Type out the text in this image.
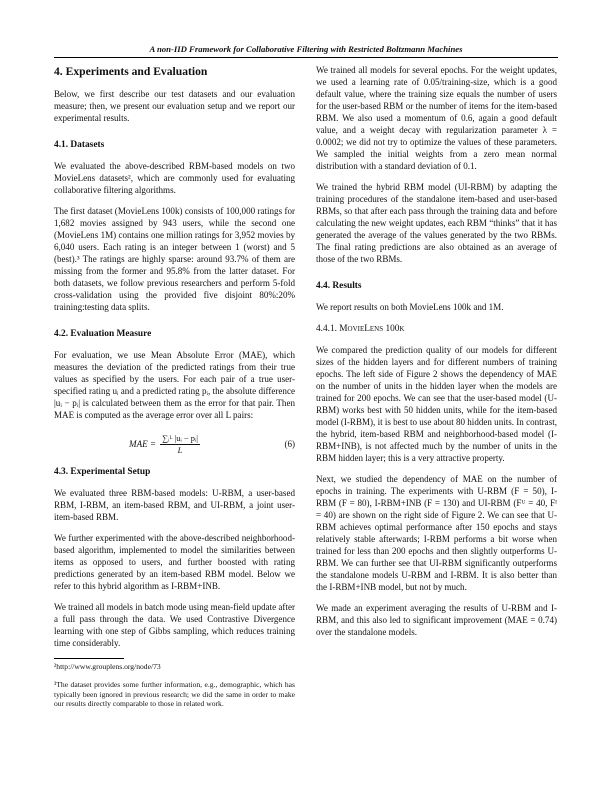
A non-IID Framework for Collaborative Filtering with Restricted Boltzmann Machines
4. Experiments and Evaluation

Below, we first describe our test datasets and our evaluation measure; then, we present our evaluation setup and we report our experimental results.

4.1. Datasets

We evaluated the above-described RBM-based models on two MovieLens datasets², which are commonly used for evaluating collaborative filtering algorithms.

The first dataset (MovieLens 100k) consists of 100,000 ratings for 1,682 movies assigned by 943 users, while the second one (MovieLens 1M) contains one million ratings for 3,952 movies by 6,040 users. Each rating is an integer between 1 (worst) and 5 (best).³ The ratings are highly sparse: around 93.7% of them are missing from the former and 95.8% from the latter dataset. For both datasets, we follow previous researchers and perform 5-fold cross-validation using the provided five disjoint 80%:20% training:testing data splits.

4.2. Evaluation Measure

For evaluation, we use Mean Absolute Error (MAE), which measures the deviation of the predicted ratings from their true values as specified by the users. For each pair of a true user-specified rating uᵢ and a predicted rating pᵢ, the absolute difference |uᵢ − pᵢ| is calculated between them as the error for that pair. Then MAE is computed as the average error over all L pairs:

MAE = $\frac{\text{∑ᵢᴸ |uᵢ − pᵢ|}}{L}$	(6)
4.3. Experimental Setup

We evaluated three RBM-based models: U-RBM, a user-based RBM, I-RBM, an item-based RBM, and UI-RBM, a joint user-item-based RBM.

We further experimented with the above-described neighborhood-based algorithm, implemented to model the similarities between items as opposed to users, and further boosted with rating predictions generated by an item-based RBM model. Below we refer to this hybrid algorithm as I-RBM+INB.

We trained all models in batch mode using mean-field update after a full pass through the data. We used Contrastive Divergence learning with one step of Gibbs sampling, which reduces training time considerably.

²http://www.grouplens.org/node/73

³The dataset provides some further information, e.g., demographic, which has typically been ignored in previous research; we did the same in order to make our results directly comparable to those in related work.

We trained all models for several epochs. For the weight updates, we used a learning rate of 0.05/training-size, which is a good default value, where the training size equals the number of users for the user-based RBM or the number of items for the item-based RBM. We also used a momentum of 0.6, again a good default value, and a weight decay with regularization parameter λ = 0.0002; we did not try to optimize the values of these parameters. We sampled the initial weights from a zero mean normal distribution with a standard deviation of 0.1.

We trained the hybrid RBM model (UI-RBM) by adapting the training procedures of the standalone item-based and user-based RBMs, so that after each pass through the training data and before calculating the new weight updates, each RBM “thinks” that it has generated the average of the values generated by the two RBMs. The final rating predictions are also obtained as an average of those of the two RBMs.

4.4. Results

We report results on both MovieLens 100k and 1M.

4.4.1. MovieLens 100k

We compared the prediction quality of our models for different sizes of the hidden layers and for different numbers of training epochs. The left side of Figure 2 shows the dependency of MAE on the number of units in the hidden layer when the models are trained for 200 epochs. We can see that the user-based model (U-RBM) works best with 50 hidden units, while for the item-based model (I-RBM), it is best to use about 80 hidden units. In contrast, the hybrid, item-based RBM and neighborhood-based model (I-RBM+INB), is not affected much by the number of units in the RBM hidden layer; this is a very attractive property.

Next, we studied the dependency of MAE on the number of epochs in training. The experiments with U-RBM (F = 50), I-RBM (F = 80), I-RBM+INB (F = 130) and UI-RBM (Fᵁ = 40, Fᴵ = 40) are shown on the right side of Figure 2. We can see that U-RBM achieves optimal performance after 150 epochs and stays relatively stable afterwards; I-RBM performs a bit worse when trained for less than 200 epochs and then slightly outperforms U-RBM. We can further see that UI-RBM significantly outperforms the standalone models U-RBM and I-RBM. It is also better than the I-RBM+INB model, but not by much.

We made an experiment averaging the results of U-RBM and I-RBM, and this also led to significant improvement (MAE = 0.74) over the standalone models.
